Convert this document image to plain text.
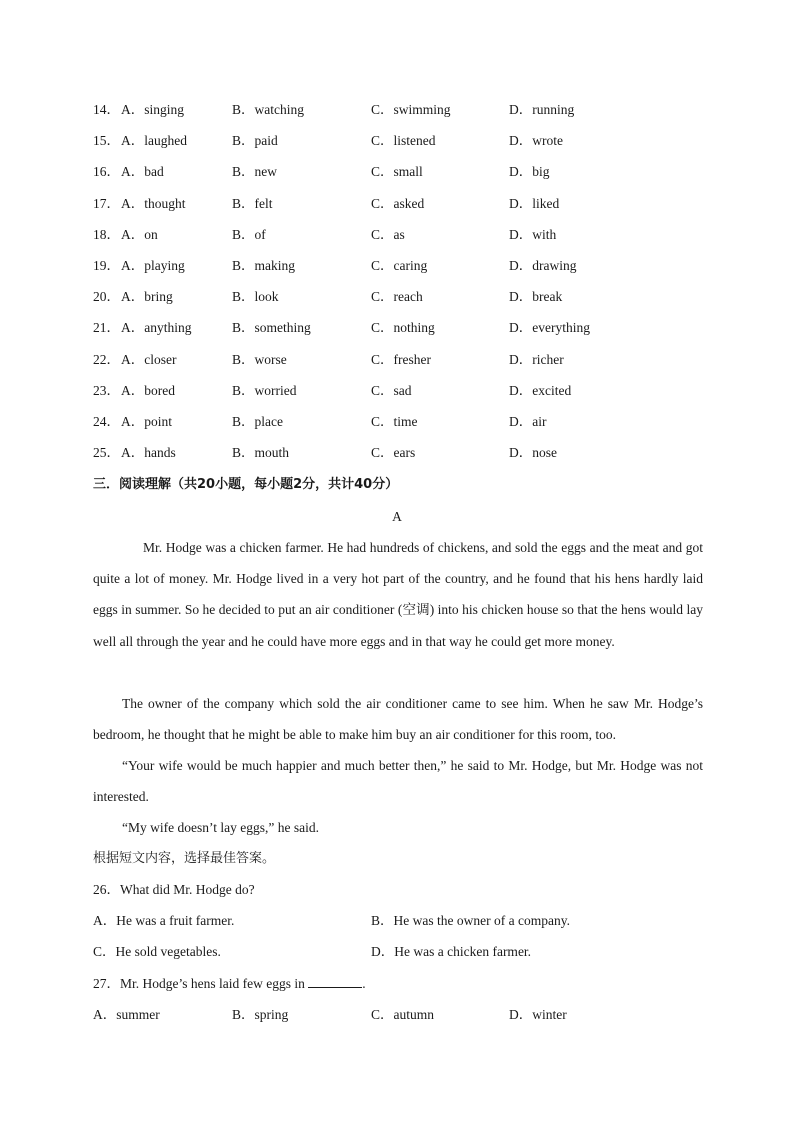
14． A．singing	B．watching	C．swimming	D．running
15． A．laughed	B．paid	C．listened	D．wrote
16． A．bad	B．new	C．small	D．big
17． A．thought	B．felt	C．asked	D．liked
18． A．on	B．of	C．as	D．with
19． A．playing	B．making	C．caring	D．drawing
20． A．bring	B．look	C．reach	D．break
21． A．anything	B．something	C．nothing	D．everything
22． A．closer	B．worse	C．fresher	D．richer
23． A．bored	B．worried	C．sad	D．excited
24． A．point	B．place	C．time	D．air
25． A．hands	B．mouth	C．ears	D．nose
三．阅读理解（共20小题，每小题2分，共计40分）
A
Mr. Hodge was a chicken farmer. He had hundreds of chickens, and sold the eggs and the meat and got quite a lot of money. Mr. Hodge lived in a very hot part of the country, and he found that his hens hardly laid eggs in summer. So he decided to put an air conditioner (空调) into his chicken house so that the hens would lay well all through the year and he could have more eggs and in that way he could get more money.
The owner of the company which sold the air conditioner came to see him. When he saw Mr. Hodge’s bedroom, he thought that he might be able to make him buy an air conditioner for this room, too.
“Your wife would be much happier and much better then,” he said to Mr. Hodge, but Mr. Hodge was not interested.
“My wife doesn’t lay eggs,” he said.
根据短文内容，选择最佳答案。
26．What did Mr. Hodge do?
A．He was a fruit farmer.	B．He was the owner of a company.
C．He sold vegetables.	D．He was a chicken farmer.
27．Mr. Hodge’s hens laid few eggs in	.
A．summer	B．spring	C．autumn	D．winter
